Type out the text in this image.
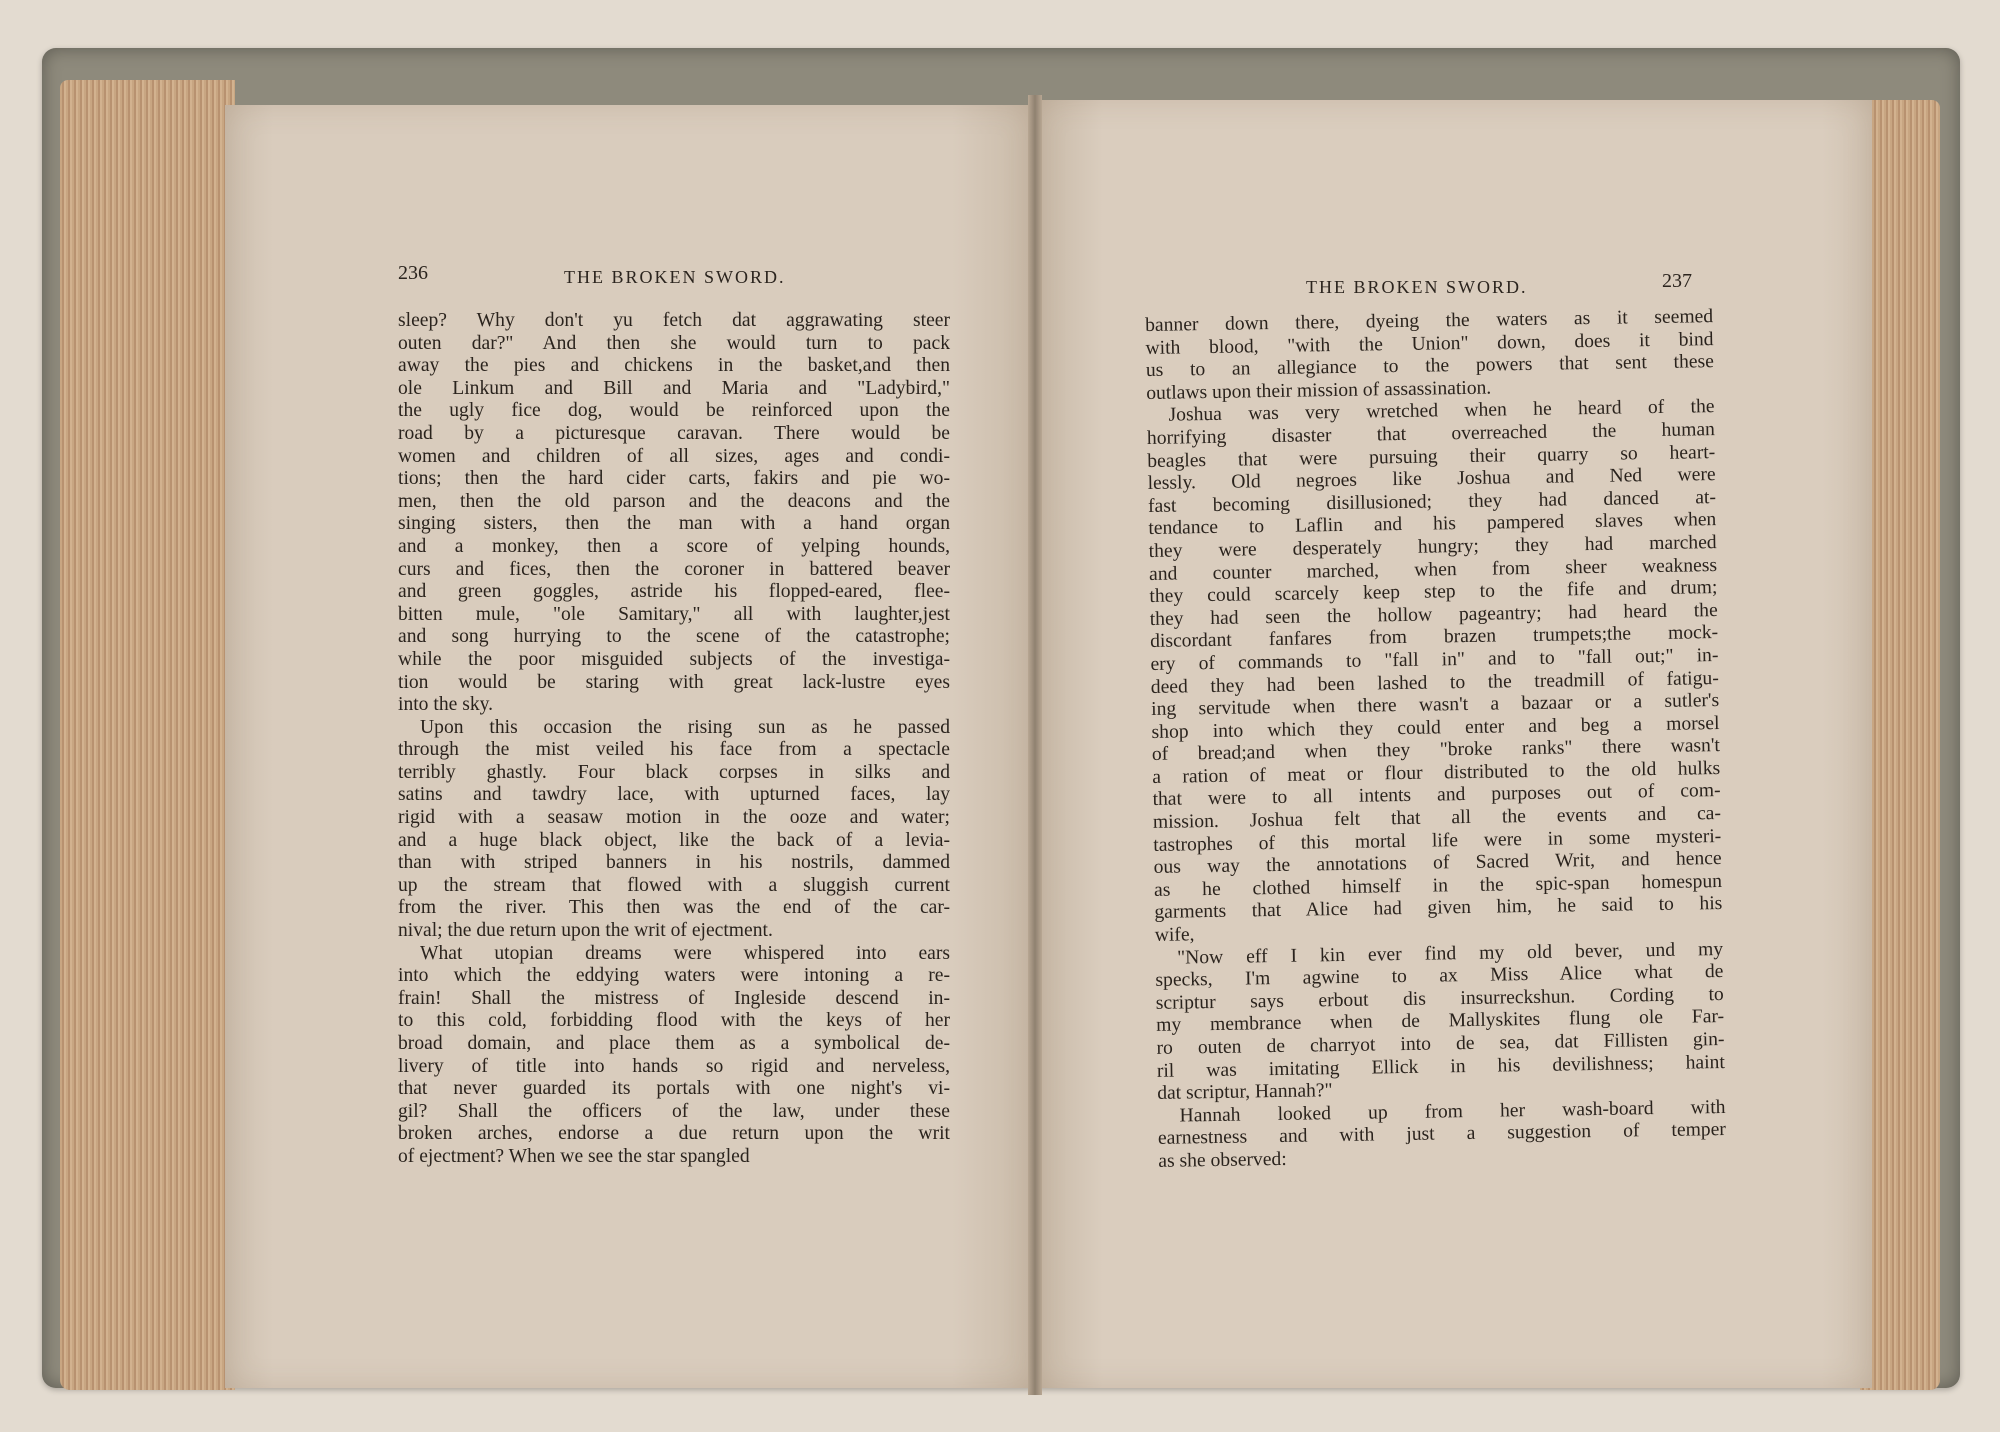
236	THE BROKEN SWORD.	THE BROKEN SWORD.	237
sleep? Why don't yu fetch dat aggrawating steer
outen dar?" And then she would turn to pack
away the pies and chickens in the basket,and then
ole Linkum and Bill and Maria and "Ladybird,"
the ugly fice dog, would be reinforced upon the
road by a picturesque caravan. There would be
women and children of all sizes, ages and condi-
tions; then the hard cider carts, fakirs and pie wo-
men, then the old parson and the deacons and the
singing sisters, then the man with a hand organ
and a monkey, then a score of yelping hounds,
curs and fices, then the coroner in battered beaver
and green goggles, astride his flopped-eared, flee-
bitten mule, "ole Samitary," all with laughter,jest
and song hurrying to the scene of the catastrophe;
while the poor misguided subjects of the investiga-
tion would be staring with great lack-lustre eyes
into the sky.
Upon this occasion the rising sun as he passed
through the mist veiled his face from a spectacle
terribly ghastly. Four black corpses in silks and
satins and tawdry lace, with upturned faces, lay
rigid with a seasaw motion in the ooze and water;
and a huge black object, like the back of a levia-
than with striped banners in his nostrils, dammed
up the stream that flowed with a sluggish current
from the river. This then was the end of the car-
nival; the due return upon the writ of ejectment.
What utopian dreams were whispered into ears
into which the eddying waters were intoning a re-
frain! Shall the mistress of Ingleside descend in-
to this cold, forbidding flood with the keys of her
broad domain, and place them as a symbolical de-
livery of title into hands so rigid and nerveless,
that never guarded its portals with one night's vi-
gil? Shall the officers of the law, under these
broken arches, endorse a due return upon the writ
of ejectment? When we see the star spangled
banner down there, dyeing the waters as it seemed
with blood, "with the Union" down, does it bind
us to an allegiance to the powers that sent these
outlaws upon their mission of assassination.
Joshua was very wretched when he heard of the
horrifying disaster that overreached the human
beagles that were pursuing their quarry so heart-
lessly. Old negroes like Joshua and Ned were
fast becoming disillusioned; they had danced at-
tendance to Laflin and his pampered slaves when
they were desperately hungry; they had marched
and counter marched, when from sheer weakness
they could scarcely keep step to the fife and drum;
they had seen the hollow pageantry; had heard the
discordant fanfares from brazen trumpets;the mock-
ery of commands to "fall in" and to "fall out;" in-
deed they had been lashed to the treadmill of fatigu-
ing servitude when there wasn't a bazaar or a sutler's
shop into which they could enter and beg a morsel
of bread;and when they "broke ranks" there wasn't
a ration of meat or flour distributed to the old hulks
that were to all intents and purposes out of com-
mission. Joshua felt that all the events and ca-
tastrophes of this mortal life were in some mysteri-
ous way the annotations of Sacred Writ, and hence
as he clothed himself in the spic-span homespun
garments that Alice had given him, he said to his
wife,
"Now eff I kin ever find my old bever, und my
specks, I'm agwine to ax Miss Alice what de
scriptur says erbout dis insurreckshun. Cording to
my membrance when de Mallyskites flung ole Far-
ro outen de charryot into de sea, dat Fillisten gin-
ril was imitating Ellick in his devilishness; haint
dat scriptur, Hannah?"
Hannah looked up from her wash-board with
earnestness and with just a suggestion of temper
as she observed:
